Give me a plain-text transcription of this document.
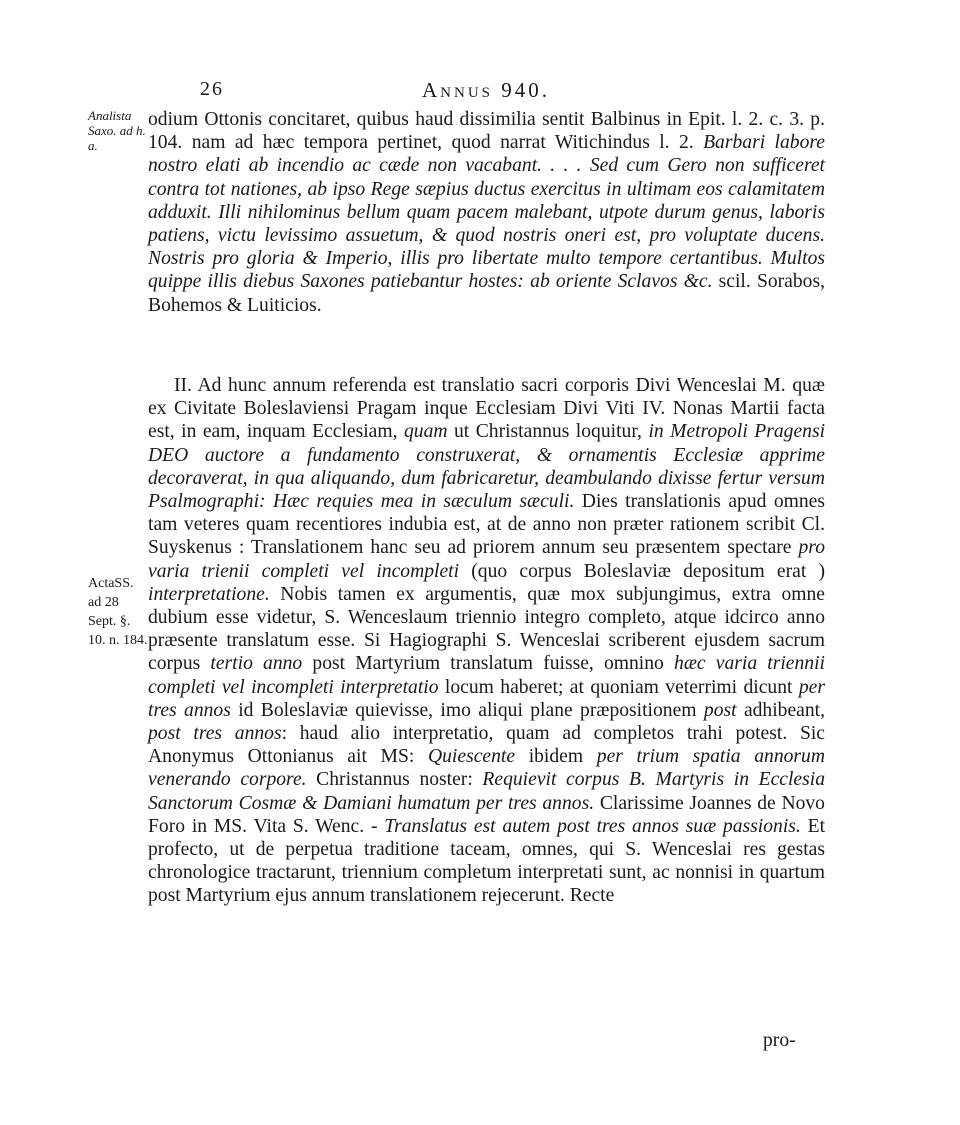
26	Annus 940.
Analista Saxo. ad h. a.
ActaSS. ad 28 Sept. §. 10. n. 184.
odium Ottonis concitaret, quibus haud dissimilia sentit Balbinus in Epit. l. 2. c. 3. p. 104. nam ad hæc tempora pertinet, quod narrat Witichindus l. 2. Barbari labore nostro elati ab incendio ac cæde non vacabant. . . . Sed cum Gero non sufficeret contra tot nationes, ab ipso Rege sæpius ductus exercitus in ultimam eos calamitatem adduxit. Illi nihilominus bellum quam pacem malebant, utpote durum genus, laboris patiens, victu levissimo assuetum, & quod nostris oneri est, pro voluptate ducens. Nostris pro gloria & Imperio, illis pro libertate multo tempore certantibus. Multos quippe illis diebus Saxones patiebantur hostes: ab oriente Sclavos &c. scil. Sorabos, Bohemos & Luiticios.
II. Ad hunc annum referenda est translatio sacri corporis Divi Wenceslai M. quæ ex Civitate Boleslaviensi Pragam inque Ecclesiam Divi Viti IV. Nonas Martii facta est, in eam, inquam Ecclesiam, quam ut Christannus loquitur, in Metropoli Pragensi DEO auctore a fundamento construxerat, & ornamentis Ecclesiæ apprime decoraverat, in qua aliquando, dum fabricaretur, deambulando dixisse fertur versum Psalmographi: Hæc requies mea in sæculum sæculi. Dies translationis apud omnes tam veteres quam recentiores indubia est, at de anno non præter rationem scribit Cl. Suyskenus : Translationem hanc seu ad priorem annum seu præsentem spectare pro varia trienii completi vel incompleti (quo corpus Boleslaviæ depositum erat ) interpretatione. Nobis tamen ex argumentis, quæ mox subjungimus, extra omne dubium esse videtur, S. Wenceslaum triennio integro completo, atque idcirco anno præsente translatum esse. Si Hagiographi S. Wenceslai scriberent ejusdem sacrum corpus tertio anno post Martyrium translatum fuisse, omnino hæc varia triennii completi vel incompleti interpretatio locum haberet; at quoniam veterrimi dicunt per tres annos id Boleslaviæ quievisse, imo aliqui plane præpositionem post adhibeant, post tres annos: haud alio interpretatio, quam ad completos trahi potest. Sic Anonymus Ottonianus ait MS: Quiescente ibidem per trium spatia annorum venerando corpore. Christannus noster: Requievit corpus B. Martyris in Ecclesia Sanctorum Cosmæ & Damiani humatum per tres annos. Clarissime Joannes de Novo Foro in MS. Vita S. Wenc. - Translatus est autem post tres annos suæ passionis. Et profecto, ut de perpetua traditione taceam, omnes, qui S. Wenceslai res gestas chronologice tractarunt, triennium completum interpretati sunt, ac nonnisi in quartum post Martyrium ejus annum translationem rejecerunt. Recte
pro-
